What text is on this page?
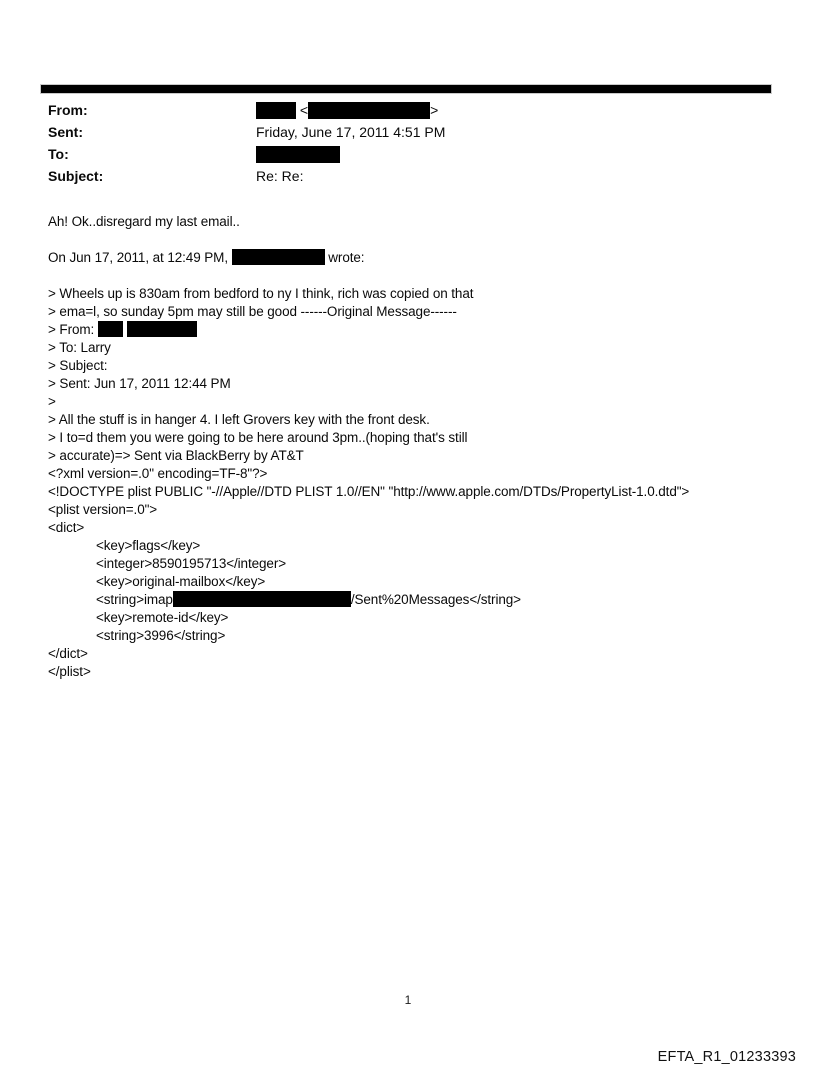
From:	<	>
Sent:	Friday, June 17, 2011 4:51 PM
To:
Subject:	Re: Re:
Ah! Ok..disregard my last email..
On Jun 17, 2011, at 12:49 PM,	wrote:
> Wheels up is 830am from bedford to ny I think, rich was copied on that
> ema=l, so sunday 5pm may still be good ------Original Message------
> From:
> To: Larry
> Subject:
> Sent: Jun 17, 2011 12:44 PM
>
> All the stuff is in hanger 4. I left Grovers key with the front desk.
> I to=d them you were going to be here around 3pm..(hoping that's still
> accurate)=> Sent via BlackBerry by AT&T
<?xml version=.0" encoding=TF-8"?>
<!DOCTYPE plist PUBLIC "-//Apple//DTD PLIST 1.0//EN" "http://www.apple.com/DTDs/PropertyList-1.0.dtd">
<plist version=.0">
<dict>
<key>flags</key>
<integer>8590195713</integer>
<key>original-mailbox</key>
<string>imap	/Sent%20Messages</string>
<key>remote-id</key>
<string>3996</string>
</dict>
</plist>
1
EFTA_R1_01233393
